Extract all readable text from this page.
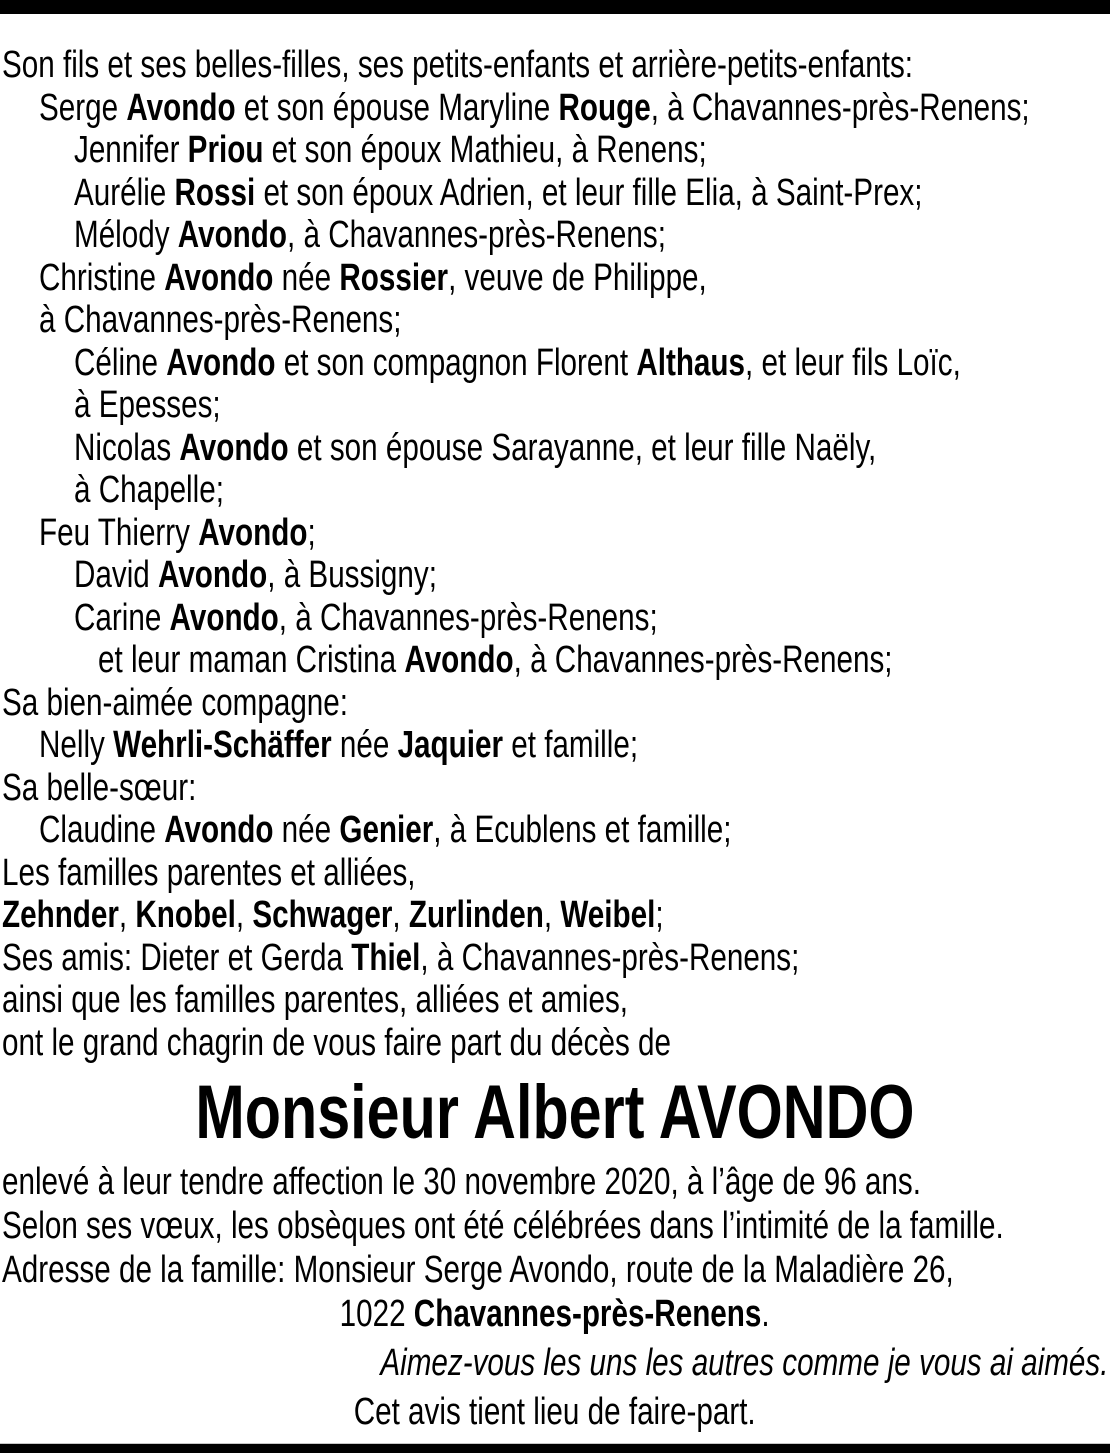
Son fils et ses belles-filles, ses petits-enfants et arrière-petits-enfants:
Serge Avondo et son épouse Maryline Rouge, à Chavannes-près-Renens;
Jennifer Priou et son époux Mathieu, à Renens;
Aurélie Rossi et son époux Adrien, et leur fille Elia, à Saint-Prex;
Mélody Avondo, à Chavannes-près-Renens;
Christine Avondo née Rossier, veuve de Philippe,
à Chavannes-près-Renens;
Céline Avondo et son compagnon Florent Althaus, et leur fils Loïc,
à Epesses;
Nicolas Avondo et son épouse Sarayanne, et leur fille Naëly,
à Chapelle;
Feu Thierry Avondo;
David Avondo, à Bussigny;
Carine Avondo, à Chavannes-près-Renens;
et leur maman Cristina Avondo, à Chavannes-près-Renens;
Sa bien-aimée compagne:
Nelly Wehrli-Schäffer née Jaquier et famille;
Sa belle-sœur:
Claudine Avondo née Genier, à Ecublens et famille;
Les familles parentes et alliées,
Zehnder, Knobel, Schwager, Zurlinden, Weibel;
Ses amis: Dieter et Gerda Thiel, à Chavannes-près-Renens;
ainsi que les familles parentes, alliées et amies,
ont le grand chagrin de vous faire part du décès de
Monsieur Albert AVONDO
enlevé à leur tendre affection le 30 novembre 2020, à l’âge de 96 ans.
Selon ses vœux, les obsèques ont été célébrées dans l’intimité de la famille.
Adresse de la famille: Monsieur Serge Avondo, route de la Maladière 26,
1022 Chavannes-près-Renens.
Aimez-vous les uns les autres comme je vous ai aimés.
Cet avis tient lieu de faire-part.
